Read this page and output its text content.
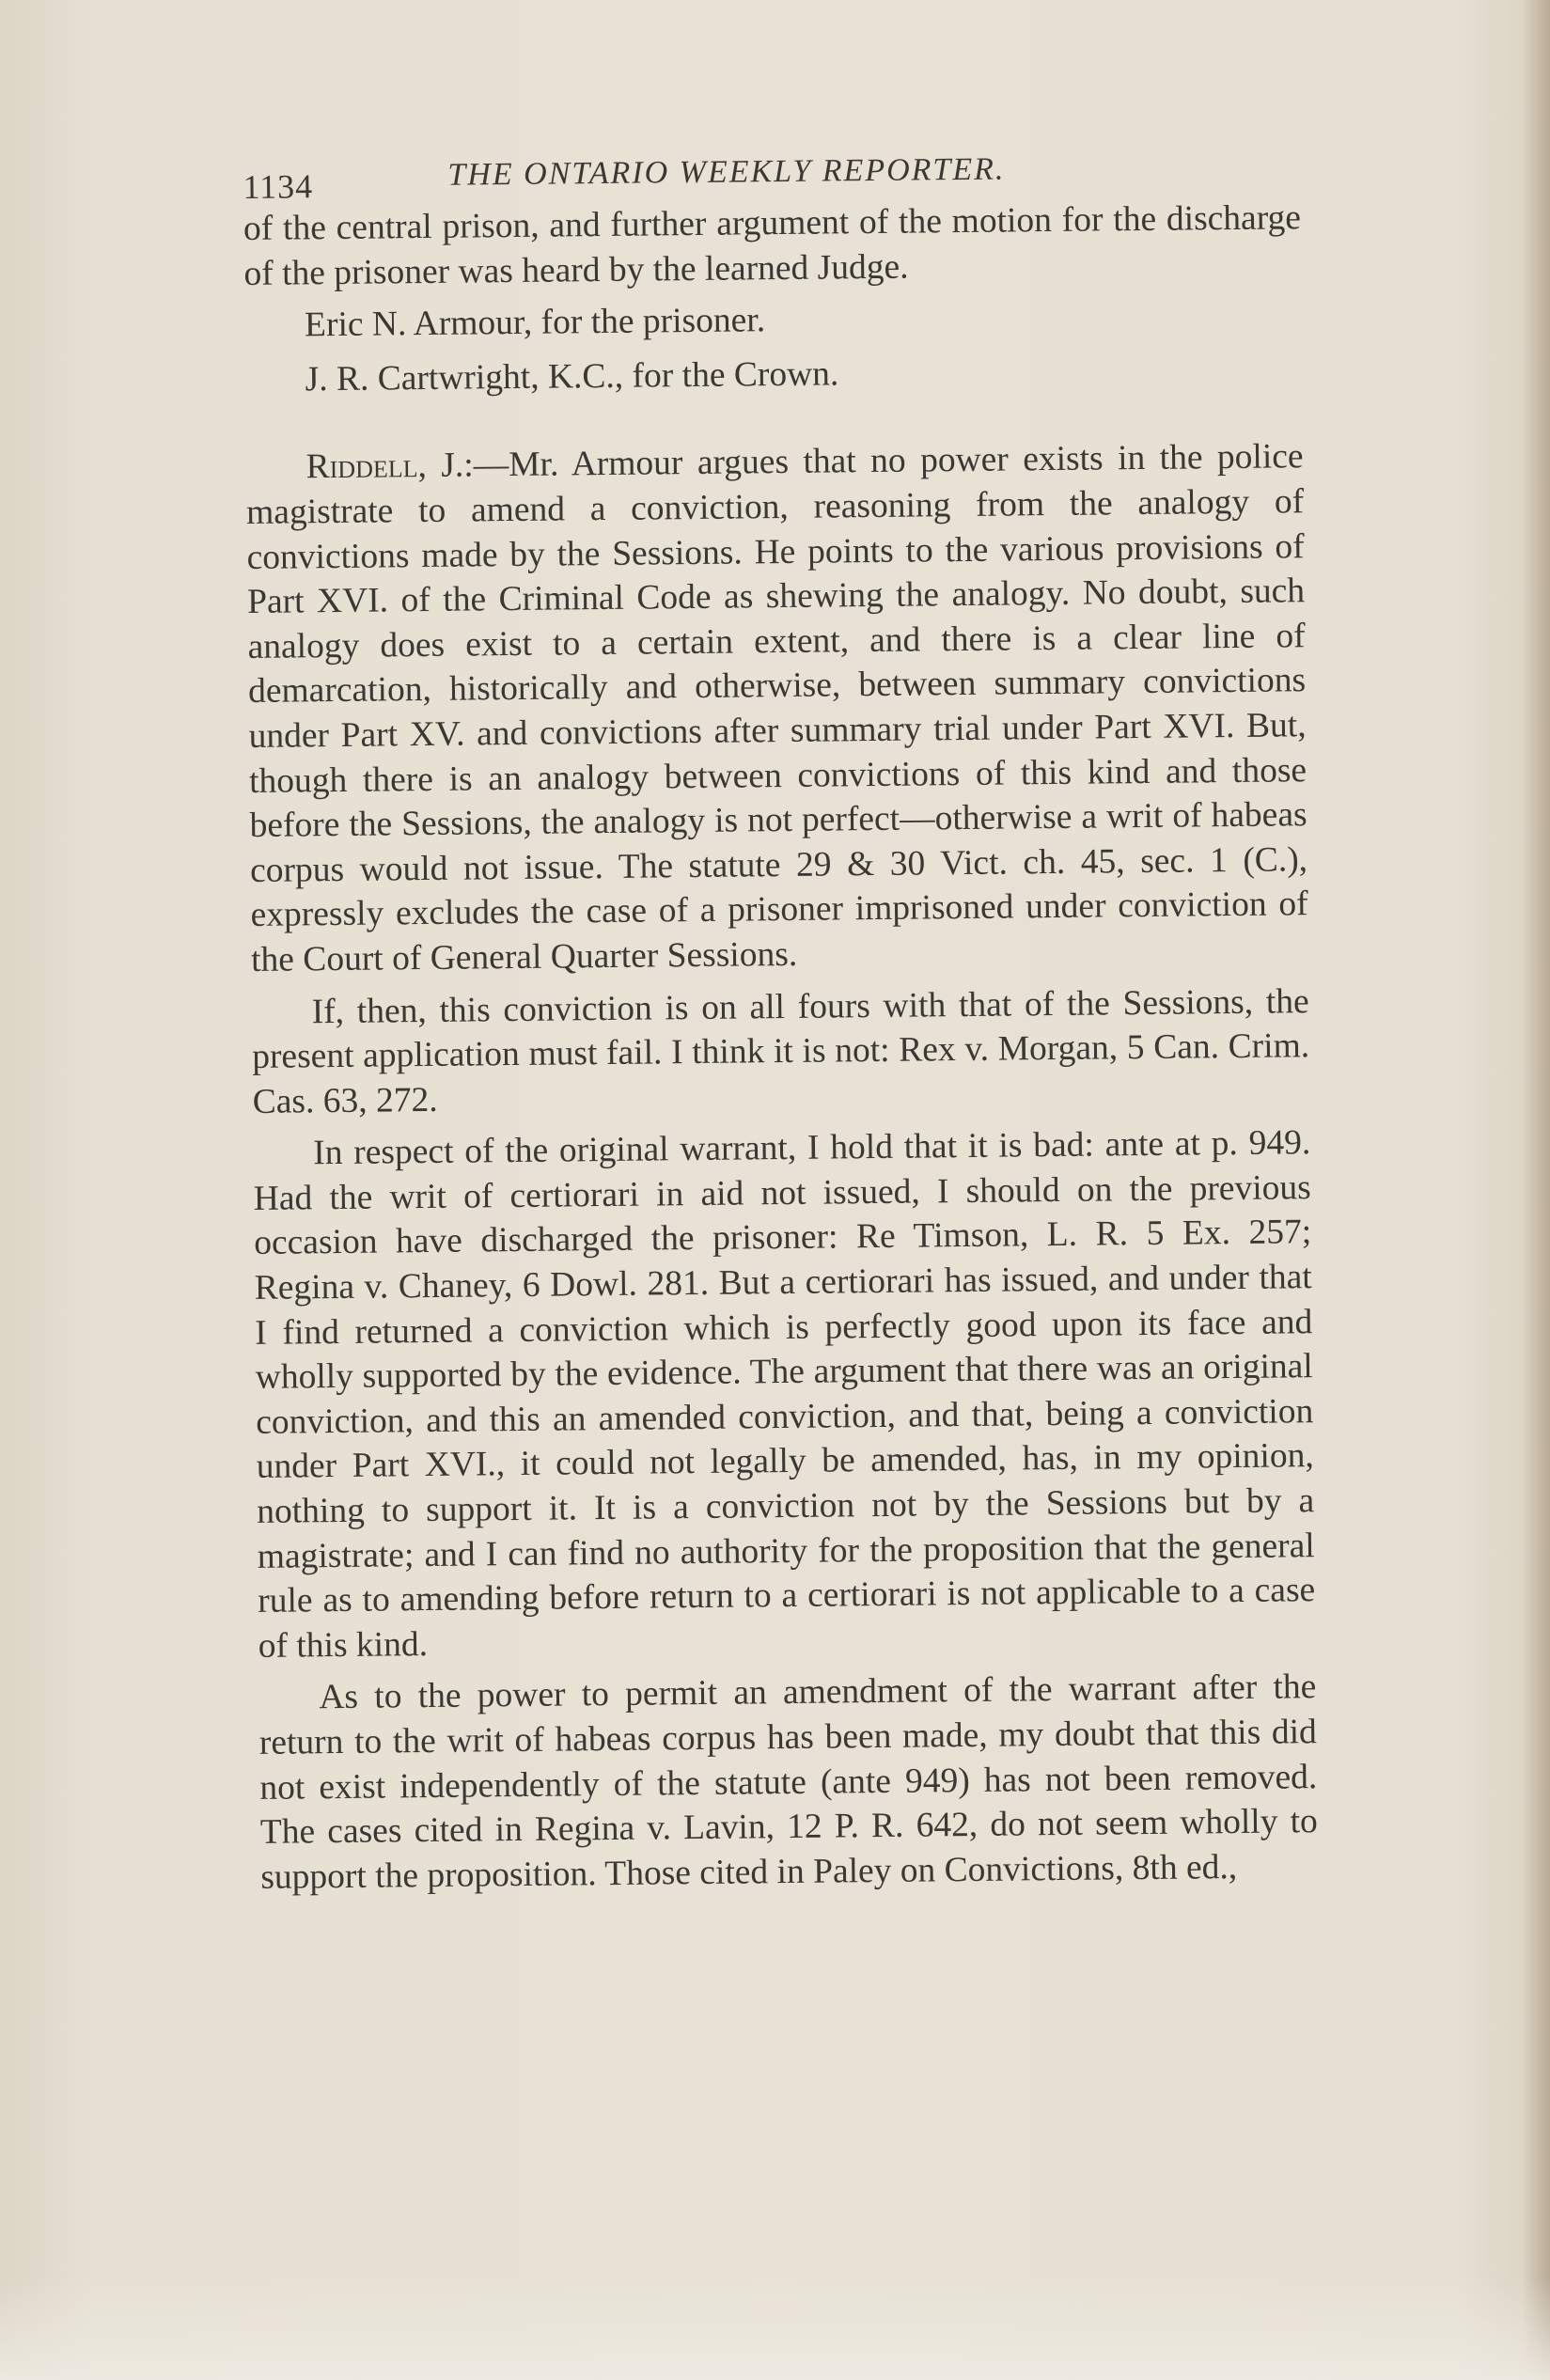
1134	THE ONTARIO WEEKLY REPORTER.

of the central prison, and further argument of the motion for the discharge of the prisoner was heard by the learned Judge.

Eric N. Armour, for the prisoner.
J. R. Cartwright, K.C., for the Crown.

Riddell, J.:—Mr. Armour argues that no power exists in the police magistrate to amend a conviction, reasoning from the analogy of convictions made by the Sessions. He points to the various provisions of Part XVI. of the Criminal Code as shewing the analogy. No doubt, such analogy does exist to a certain extent, and there is a clear line of demarcation, historically and otherwise, between summary convictions under Part XV. and convictions after summary trial under Part XVI. But, though there is an analogy between convictions of this kind and those before the Sessions, the analogy is not perfect—otherwise a writ of habeas corpus would not issue. The statute 29 & 30 Vict. ch. 45, sec. 1 (C.), expressly excludes the case of a prisoner imprisoned under conviction of the Court of General Quarter Sessions.

If, then, this conviction is on all fours with that of the Sessions, the present application must fail. I think it is not: Rex v. Morgan, 5 Can. Crim. Cas. 63, 272.

In respect of the original warrant, I hold that it is bad: ante at p. 949. Had the writ of certiorari in aid not issued, I should on the previous occasion have discharged the prisoner: Re Timson, L. R. 5 Ex. 257; Regina v. Chaney, 6 Dowl. 281. But a certiorari has issued, and under that I find returned a conviction which is perfectly good upon its face and wholly supported by the evidence. The argument that there was an original conviction, and this an amended conviction, and that, being a conviction under Part XVI., it could not legally be amended, has, in my opinion, nothing to support it. It is a conviction not by the Sessions but by a magistrate; and I can find no authority for the proposition that the general rule as to amending before return to a certiorari is not applicable to a case of this kind.

As to the power to permit an amendment of the warrant after the return to the writ of habeas corpus has been made, my doubt that this did not exist independently of the statute (ante 949) has not been removed. The cases cited in Regina v. Lavin, 12 P. R. 642, do not seem wholly to support the proposition. Those cited in Paley on Convictions, 8th ed.,
